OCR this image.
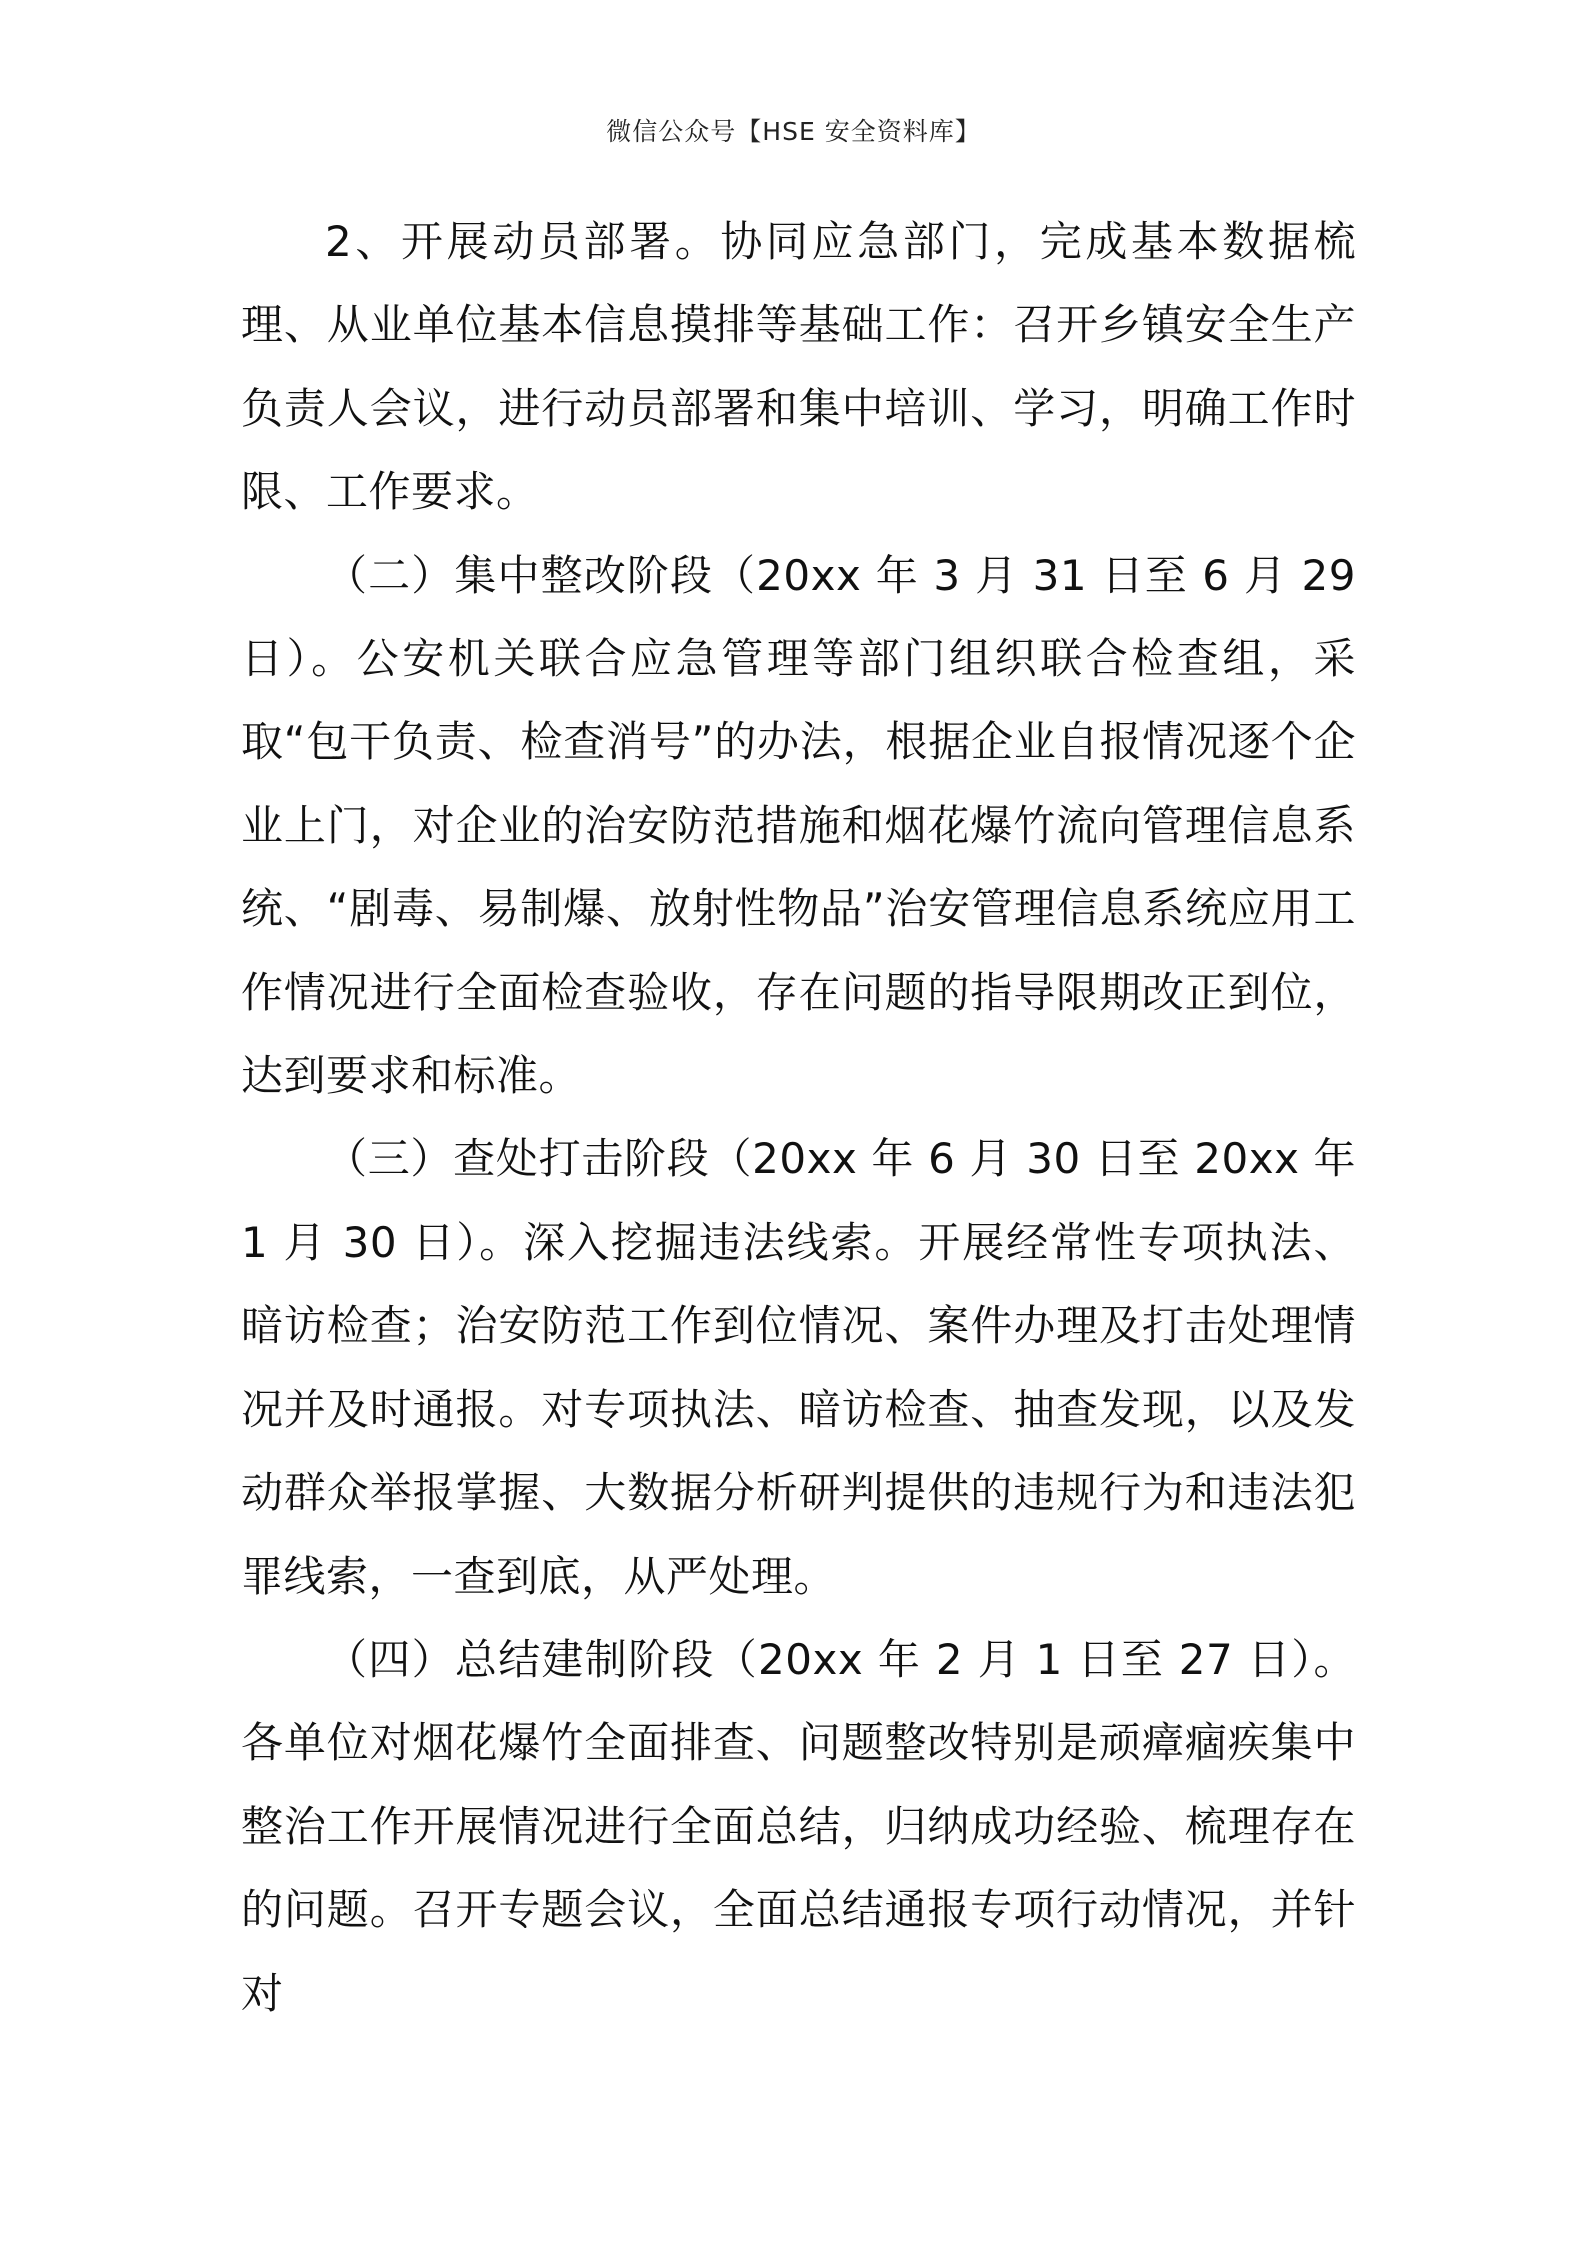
微信公众号【HSE 安全资料库】

2、开展动员部署。协同应急部门，完成基本数据梳理、从业单位基本信息摸排等基础工作：召开乡镇安全生产负责人会议，进行动员部署和集中培训、学习，明确工作时限、工作要求。

（二）集中整改阶段（20xx 年 3 月 31 日至 6 月 29 日）。公安机关联合应急管理等部门组织联合检查组，采取“包干负责、检查消号”的办法，根据企业自报情况逐个企业上门，对企业的治安防范措施和烟花爆竹流向管理信息系统、“剧毒、易制爆、放射性物品”治安管理信息系统应用工作情况进行全面检查验收，存在问题的指导限期改正到位，达到要求和标准。

（三）查处打击阶段（20xx 年 6 月 30 日至 20xx 年 1 月 30 日）。深入挖掘违法线索。开展经常性专项执法、暗访检查；治安防范工作到位情况、案件办理及打击处理情况并及时通报。对专项执法、暗访检查、抽查发现，以及发动群众举报掌握、大数据分析研判提供的违规行为和违法犯罪线索，一查到底，从严处理。

（四）总结建制阶段（20xx 年 2 月 1 日至 27 日）。各单位对烟花爆竹全面排查、问题整改特别是顽瘴痼疾集中整治工作开展情况进行全面总结，归纳成功经验、梳理存在的问题。召开专题会议，全面总结通报专项行动情况，并针对
